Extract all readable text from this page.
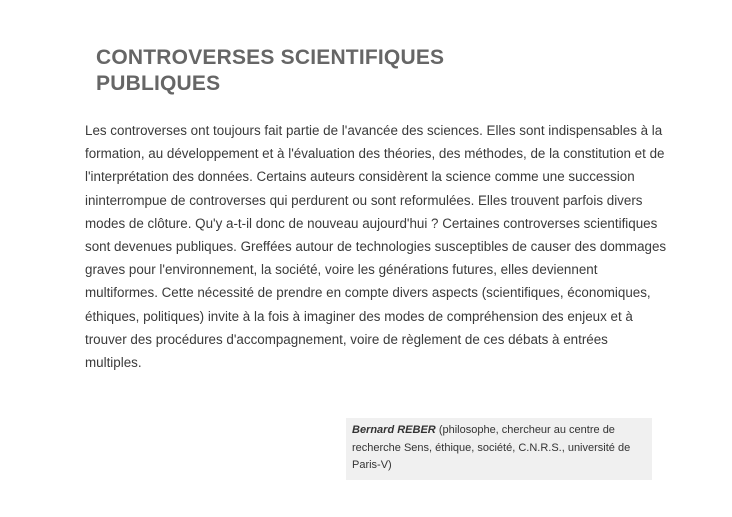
CONTROVERSES SCIENTIFIQUES PUBLIQUES

Les controverses ont toujours fait partie de l'avancée des sciences. Elles sont indispensables à la formation, au développement et à l'évaluation des théories, des méthodes, de la constitution et de l'interprétation des données. Certains auteurs considèrent la science comme une succession ininterrompue de controverses qui perdurent ou sont reformulées. Elles trouvent parfois divers modes de clôture. Qu'y a-t-il donc de nouveau aujourd'hui ? Certaines controverses scientifiques sont devenues publiques. Greffées autour de technologies susceptibles de causer des dommages graves pour l'environnement, la société, voire les générations futures, elles deviennent multiformes. Cette nécessité de prendre en compte divers aspects (scientifiques, économiques, éthiques, politiques) invite à la fois à imaginer des modes de compréhension des enjeux et à trouver des procédures d'accompagnement, voire de règlement de ces débats à entrées multiples.

Bernard REBER (philosophe, chercheur au centre de recherche Sens, éthique, société, C.N.R.S., université de Paris-V)
